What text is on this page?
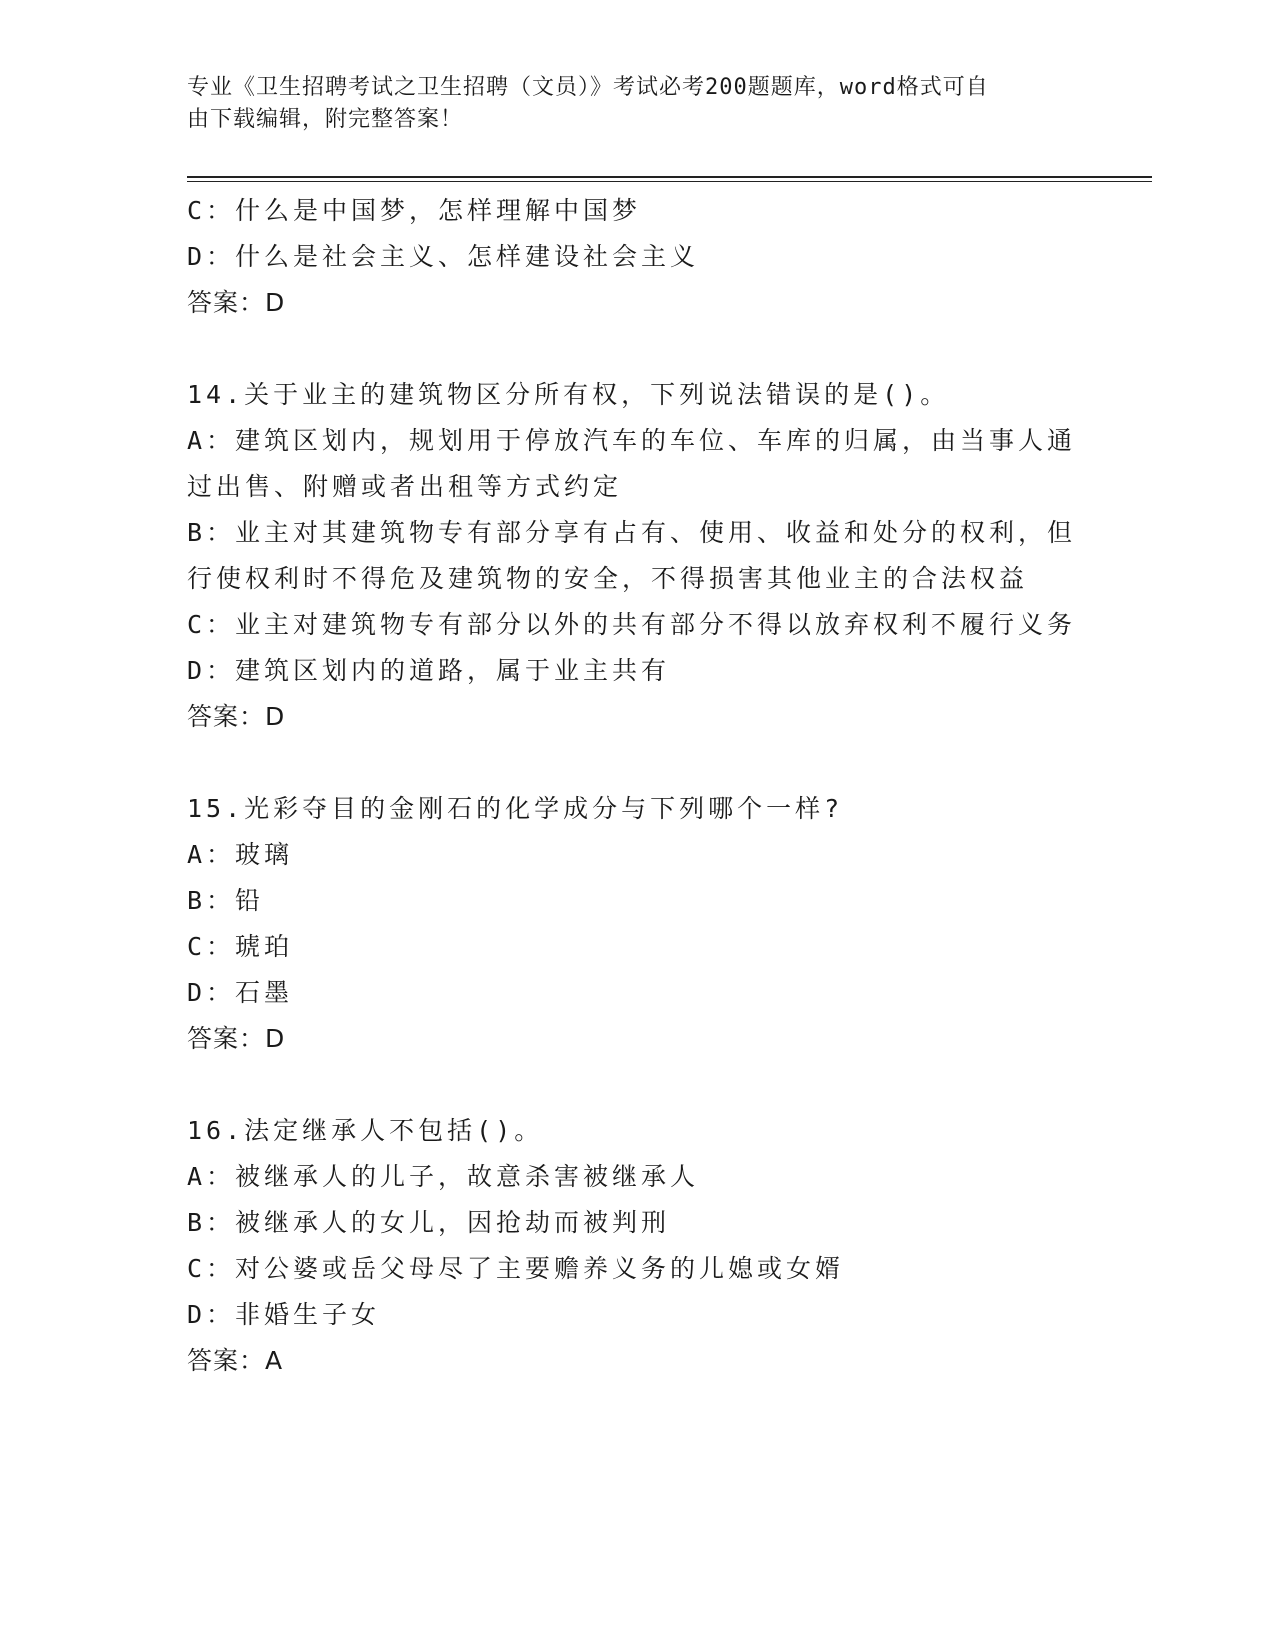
专业《卫生招聘考试之卫生招聘（文员）》考试必考200题题库，word格式可自
由下载编辑，附完整答案！
C：什么是中国梦，怎样理解中国梦
D：什么是社会主义、怎样建设社会主义
答案：D
14.关于业主的建筑物区分所有权，下列说法错误的是()。
A：建筑区划内，规划用于停放汽车的车位、车库的归属，由当事人通
过出售、附赠或者出租等方式约定
B：业主对其建筑物专有部分享有占有、使用、收益和处分的权利，但
行使权利时不得危及建筑物的安全，不得损害其他业主的合法权益
C：业主对建筑物专有部分以外的共有部分不得以放弃权利不履行义务
D：建筑区划内的道路，属于业主共有
答案：D
15.光彩夺目的金刚石的化学成分与下列哪个一样?
A：玻璃
B：铅
C：琥珀
D：石墨
答案：D
16.法定继承人不包括()。
A：被继承人的儿子，故意杀害被继承人
B：被继承人的女儿，因抢劫而被判刑
C：对公婆或岳父母尽了主要赡养义务的儿媳或女婿
D：非婚生子女
答案：A
